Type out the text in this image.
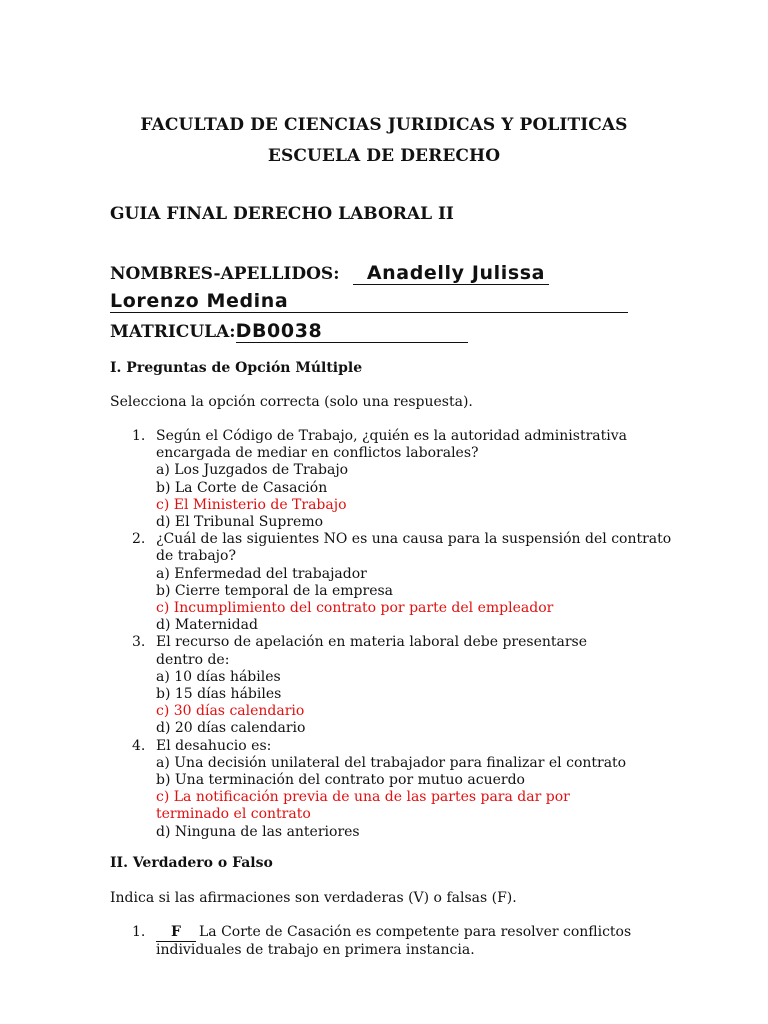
FACULTAD DE CIENCIAS JURIDICAS Y POLITICAS
ESCUELA DE DERECHO
GUIA FINAL DERECHO LABORAL II
NOMBRES-APELLIDOS: Anadelly Julissa
Lorenzo Medina
MATRICULA:DB0038
I. Preguntas de Opción Múltiple
Selecciona la opción correcta (solo una respuesta).
1. Según el Código de Trabajo, ¿quién es la autoridad administrativa encargada de mediar en conflictos laborales?
a) Los Juzgados de Trabajo
b) La Corte de Casación
c) El Ministerio de Trabajo
d) El Tribunal Supremo
2. ¿Cuál de las siguientes NO es una causa para la suspensión del contrato de trabajo?
a) Enfermedad del trabajador
b) Cierre temporal de la empresa
c) Incumplimiento del contrato por parte del empleador
d) Maternidad
3. El recurso de apelación en materia laboral debe presentarse dentro de:
a) 10 días hábiles
b) 15 días hábiles
c) 30 días calendario
d) 20 días calendario
4. El desahucio es:
a) Una decisión unilateral del trabajador para finalizar el contrato
b) Una terminación del contrato por mutuo acuerdo
c) La notificación previa de una de las partes para dar por terminado el contrato
d) Ninguna de las anteriores
II. Verdadero o Falso
Indica si las afirmaciones son verdaderas (V) o falsas (F).
1.	F La Corte de Casación es competente para resolver conflictos individuales de trabajo en primera instancia.
